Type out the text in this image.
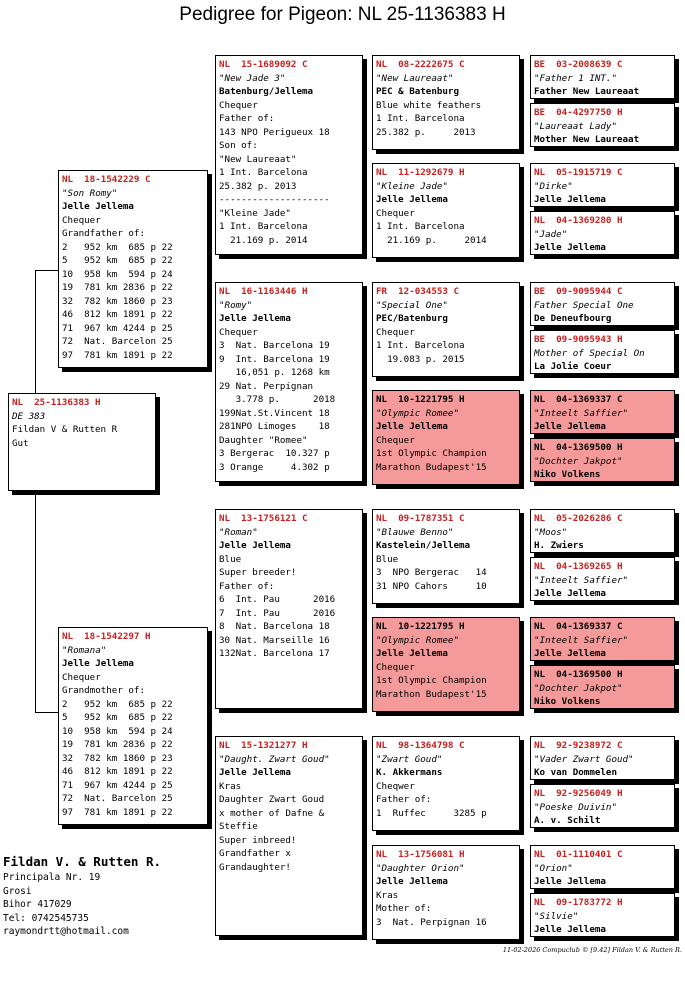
Pedigree for Pigeon: NL 25-1136383 H
NL  25-1136383 H
DE 383
Fildan V & Rutten R
Gut
NL  18-1542229 C
"Son Romy"
Jelle Jellema
Chequer
Grandfather of:
2   952 km  685 p 22
5   952 km  685 p 22
10  958 km  594 p 24
19  781 km 2836 p 22
32  782 km 1860 p 23
46  812 km 1891 p 22
71  967 km 4244 p 25
72  Nat. Barcelon 25
97  781 km 1891 p 22
NL  18-1542297 H
"Romana"
Jelle Jellema
Chequer
Grandmother of:
2   952 km  685 p 22
5   952 km  685 p 22
10  958 km  594 p 24
19  781 km 2836 p 22
32  782 km 1860 p 23
46  812 km 1891 p 22
71  967 km 4244 p 25
72  Nat. Barcelon 25
97  781 km 1891 p 22
NL  15-1689092 C
"New Jade 3"
Batenburg/Jellema
Chequer
Father of:
143 NPO Perigueux 18
Son of:
"New Laureaat"
1 Int. Barcelona
25.382 p. 2013
--------------------
"Kleine Jade"
1 Int. Barcelona
21.169 p. 2014
NL  16-1163446 H
"Romy"
Jelle Jellema
Chequer
3  Nat. Barcelona 19
9  Int. Barcelona 19
16,051 p. 1268 km
29 Nat. Perpignan
3.778 p.      2018
199Nat.St.Vincent 18
281NPO Limoges    18
Daughter "Romee"
3 Bergerac  10.327 p
3 Orange     4.302 p
NL  13-1756121 C
"Roman"
Jelle Jellema
Blue
Super breeder!
Father of:
6  Int. Pau      2016
7  Int. Pau      2016
8  Nat. Barcelona 18
30 Nat. Marseille 16
132Nat. Barcelona 17
NL  15-1321277 H
"Daught. Zwart Goud"
Jelle Jellema
Kras
Daughter Zwart Goud
x mother of Dafne &
Steffie
Super inbreed!
Grandfather x
Grandaughter!
NL  08-2222675 C
"New Laureaat"
PEC & Batenburg
Blue white feathers
1 Int. Barcelona
25.382 p.     2013
NL  11-1292679 H
"Kleine Jade"
Jelle Jellema
Chequer
1 Int. Barcelona
21.169 p.     2014
FR  12-034553 C
"Special One"
PEC/Batenburg
Chequer
1 Int. Barcelona
19.083 p. 2015
NL  10-1221795 H
"Olympic Romee"
Jelle Jellema
Chequer
1st Olympic Champion
Marathon Budapest'15
NL  09-1787351 C
"Blauwe Benno"
Kastelein/Jellema
Blue
3  NPO Bergerac   14
31 NPO Cahors     10
NL  10-1221795 H
"Olympic Romee"
Jelle Jellema
Chequer
1st Olympic Champion
Marathon Budapest'15
NL  98-1364798 C
"Zwart Goud"
K. Akkermans
Cheqwer
Father of:
1  Ruffec     3285 p
NL  13-1756081 H
"Daughter Orion"
Jelle Jellema
Kras
Mother of:
3  Nat. Perpignan 16
BE  03-2008639 C
"Father 1 INT."
Father New Laureaat
BE  04-4297750 H
"Laureaat Lady"
Mother New Laureaat
NL  05-1915719 C
"Dirke"
Jelle Jellema
NL  04-1369280 H
"Jade"
Jelle Jellema
BE  09-9095944 C
Father Special One
De Deneufbourg
BE  09-9095943 H
Mother of Special On
La Jolie Coeur
NL  04-1369337 C
"Inteelt Saffier"
Jelle Jellema
NL  04-1369500 H
"Dochter Jakpot"
Niko Volkens
NL  05-2026286 C
"Moos"
H. Zwiers
NL  04-1369265 H
"Inteelt Saffier"
Jelle Jellema
NL  04-1369337 C
"Inteelt Saffier"
Jelle Jellema
NL  04-1369500 H
"Dochter Jakpot"
Niko Volkens
NL  92-9238972 C
"Vader Zwart Goud"
Ko van Dommelen
NL  92-9256049 H
"Poeske Duivin"
A. v. Schilt
NL  01-1110401 C
"Orion"
Jelle Jellema
NL  09-1783772 H
"Silvie"
Jelle Jellema
Fildan V. & Rutten R.
Principala Nr. 19
Grosi
Bihor 417029
Tel: 0742545735
raymondrtt@hotmail.com
11-02-2026 Compuclub © [9.42] Fildan V. & Rutten R.
